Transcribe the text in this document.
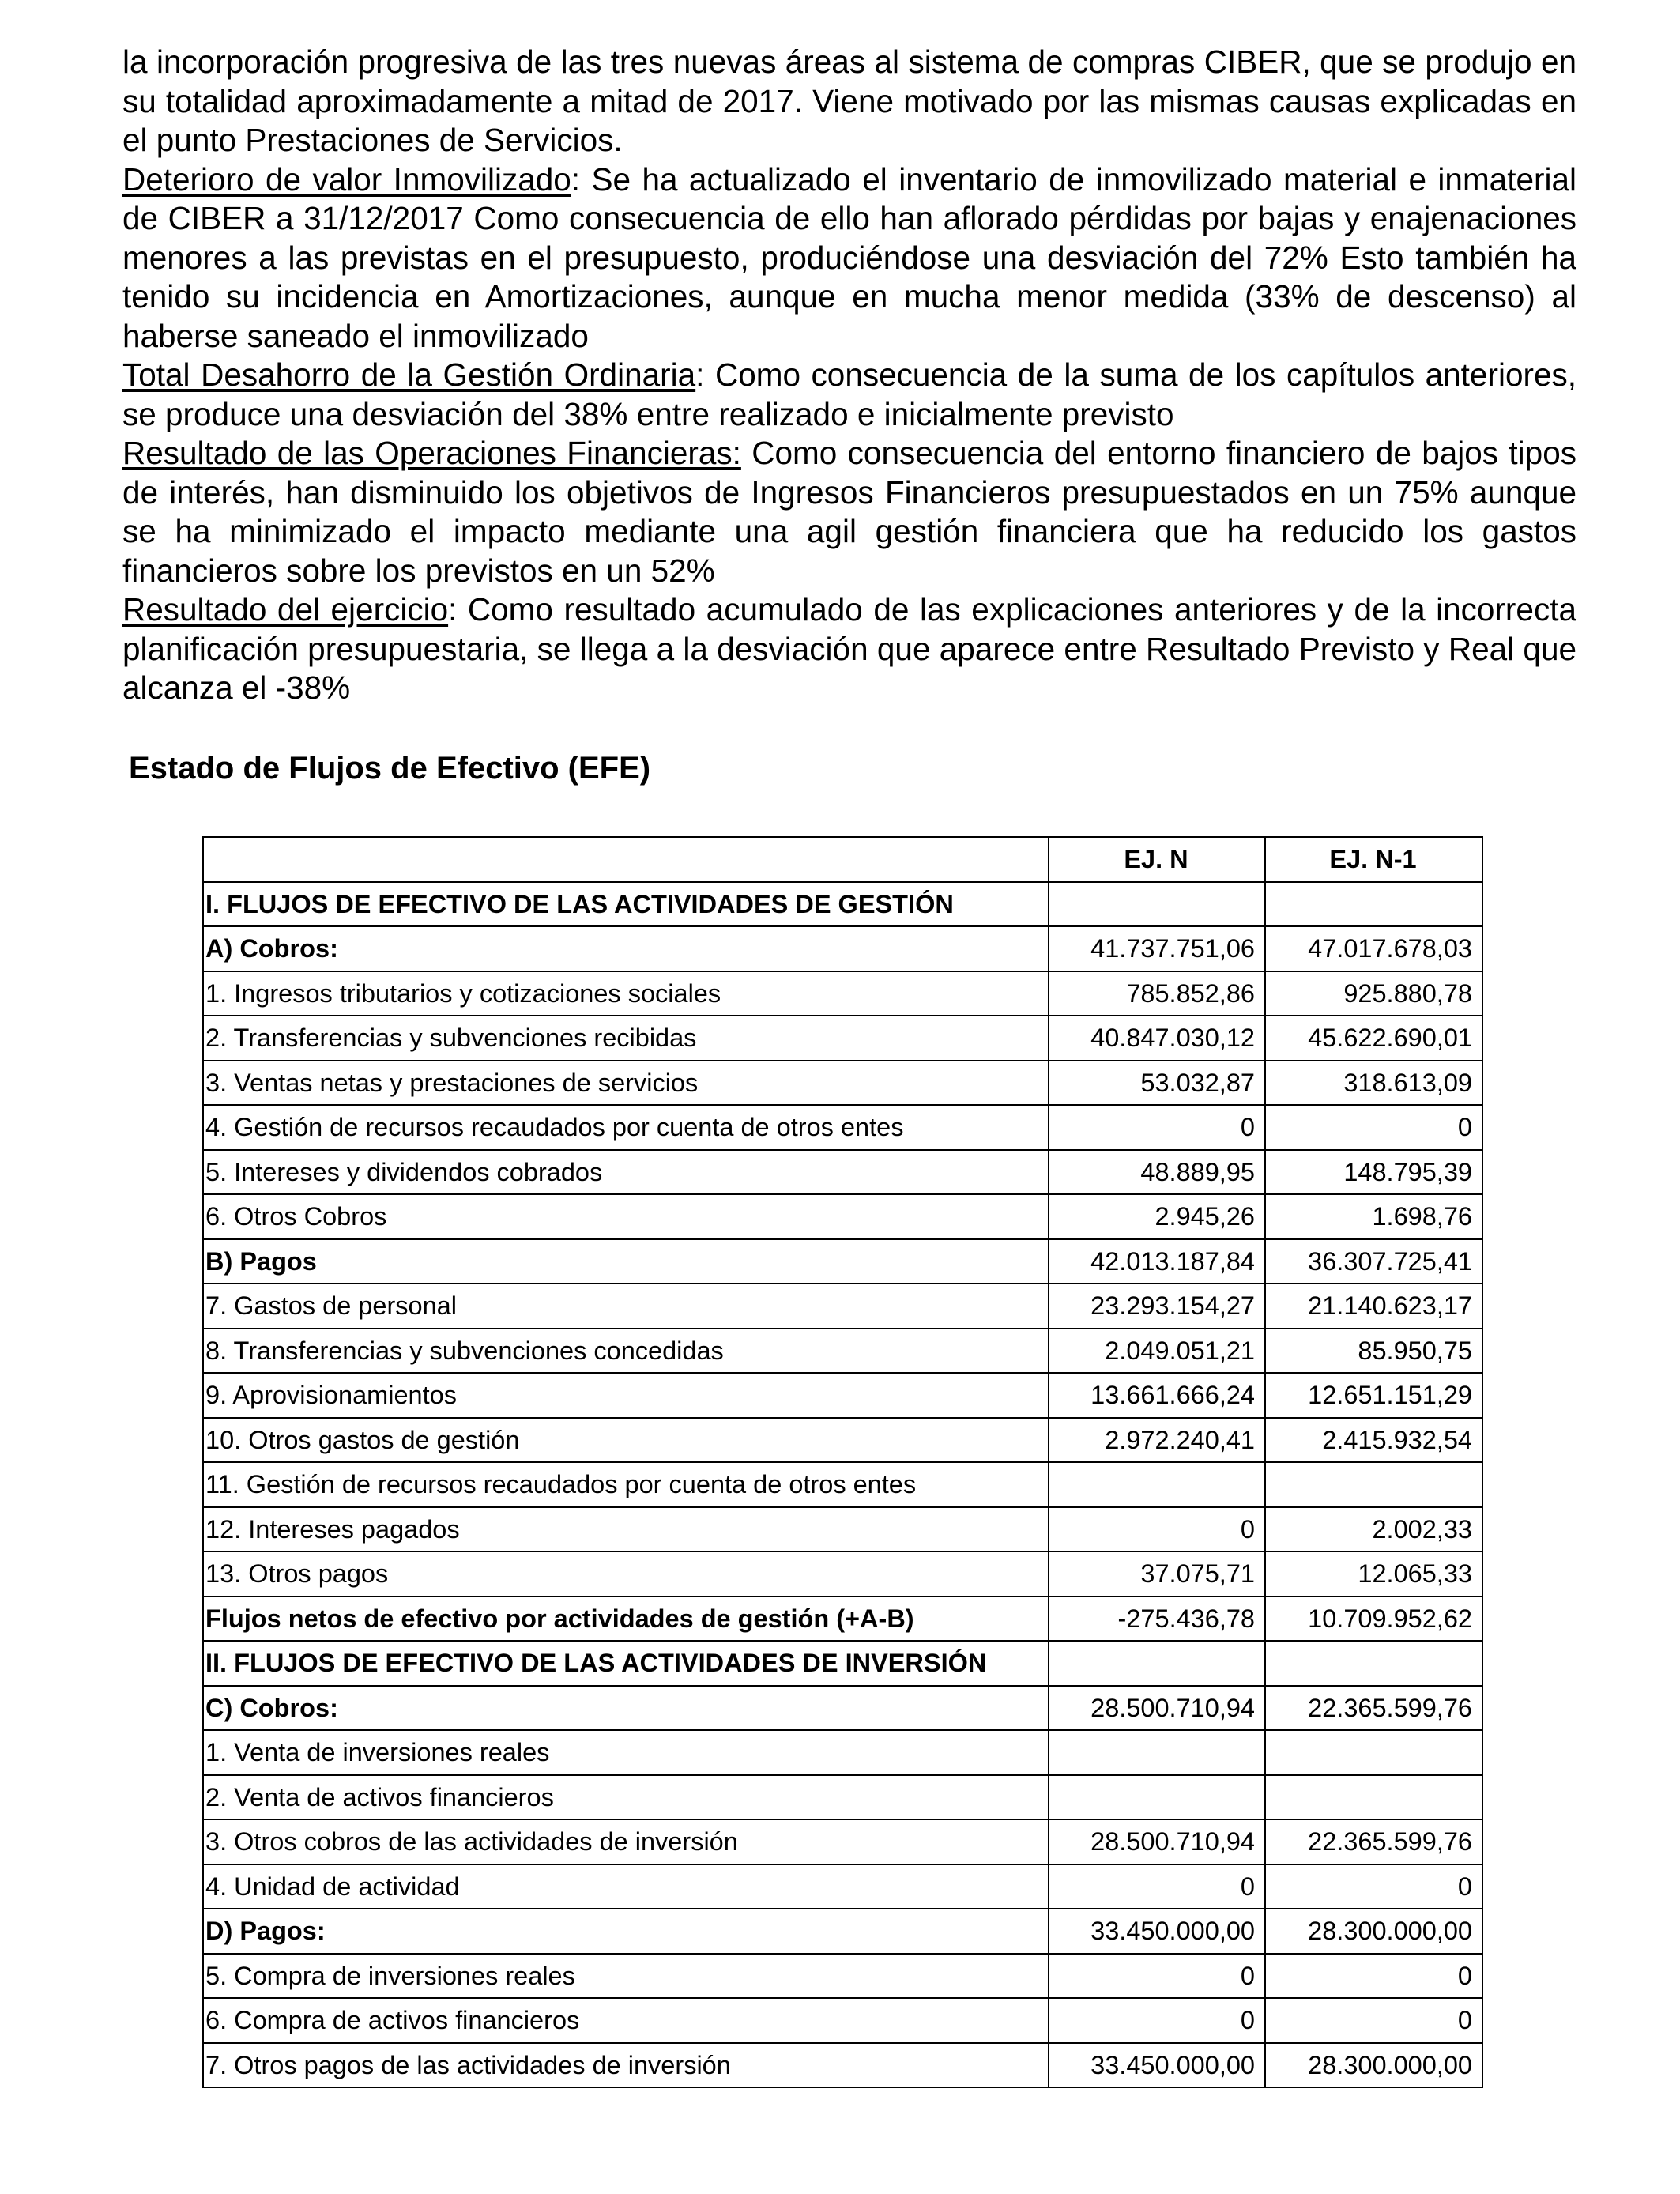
la incorporación progresiva de las tres nuevas áreas al sistema de compras CIBER, que se produjo en su totalidad aproximadamente a mitad de 2017. Viene motivado por las mismas causas explicadas en el punto Prestaciones de Servicios.

Deterioro de valor Inmovilizado: Se ha actualizado el inventario de inmovilizado material e inmaterial de CIBER a 31/12/2017 Como consecuencia de ello han aflorado pérdidas por bajas y enajenaciones menores a las previstas en el presupuesto, produciéndose una desviación del 72% Esto también ha tenido su incidencia en Amortizaciones, aunque en mucha menor medida (33% de descenso) al haberse saneado el inmovilizado

Total Desahorro de la Gestión Ordinaria: Como consecuencia de la suma de los capítulos anteriores, se produce una desviación del 38% entre realizado e inicialmente previsto

Resultado de las Operaciones Financieras: Como consecuencia del entorno financiero de bajos tipos de interés, han disminuido los objetivos de Ingresos Financieros presupuestados en un 75% aunque se ha minimizado el impacto mediante una agil gestión financiera que ha reducido los gastos financieros sobre los previstos en un 52%

Resultado del ejercicio: Como resultado acumulado de las explicaciones anteriores y de la incorrecta planificación presupuestaria, se llega a la desviación que aparece entre Resultado Previsto y Real que alcanza el -38%

Estado de Flujos de Efectivo (EFE)
	EJ. N	EJ. N-1
I. FLUJOS DE EFECTIVO DE LAS ACTIVIDADES DE GESTIÓN		
A) Cobros:	41.737.751,06	47.017.678,03
1. Ingresos tributarios y cotizaciones sociales	785.852,86	925.880,78
2. Transferencias y subvenciones recibidas	40.847.030,12	45.622.690,01
3. Ventas netas y prestaciones de servicios	53.032,87	318.613,09
4. Gestión de recursos recaudados por cuenta de otros entes	0	0
5. Intereses y dividendos cobrados	48.889,95	148.795,39
6. Otros Cobros	2.945,26	1.698,76
B) Pagos	42.013.187,84	36.307.725,41
7. Gastos de personal	23.293.154,27	21.140.623,17
8. Transferencias y subvenciones concedidas	2.049.051,21	85.950,75
9. Aprovisionamientos	13.661.666,24	12.651.151,29
10. Otros gastos de gestión	2.972.240,41	2.415.932,54
11. Gestión de recursos recaudados por cuenta de otros entes		
12. Intereses pagados	0	2.002,33
13. Otros pagos	37.075,71	12.065,33
Flujos netos de efectivo por actividades de gestión (+A-B)	-275.436,78	10.709.952,62
II. FLUJOS DE EFECTIVO DE LAS ACTIVIDADES DE INVERSIÓN		
C) Cobros:	28.500.710,94	22.365.599,76
1. Venta de inversiones reales		
2. Venta de activos financieros		
3. Otros cobros de las actividades de inversión	28.500.710,94	22.365.599,76
4. Unidad de actividad	0	0
D) Pagos:	33.450.000,00	28.300.000,00
5. Compra de inversiones reales	0	0
6. Compra de activos financieros	0	0
7. Otros pagos de las actividades de inversión	33.450.000,00	28.300.000,00
